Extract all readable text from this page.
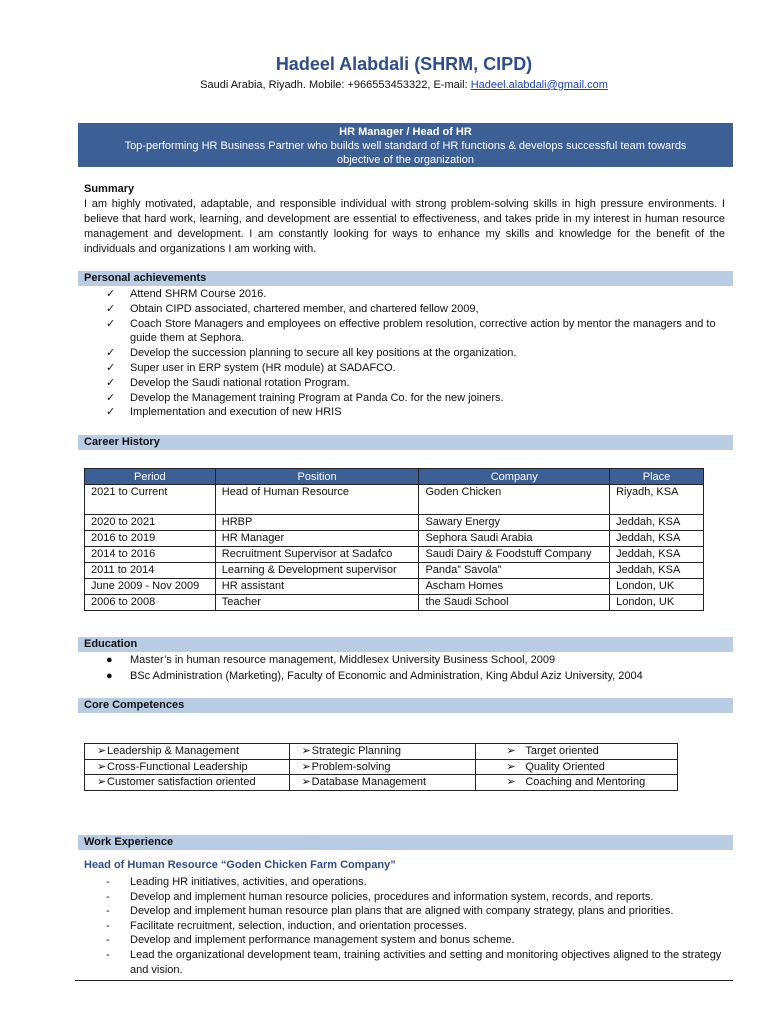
Hadeel Alabdali (SHRM, CIPD)
Saudi Arabia, Riyadh. Mobile: +966553453322, E-mail: Hadeel.alabdali@gmail.com
HR Manager / Head of HR
Top-performing HR Business Partner who builds well standard of HR functions & develops successful team towards
objective of the organization
Summary
I am highly motivated, adaptable, and responsible individual with strong problem-solving skills in high pressure environments. I believe that hard work, learning, and development are essential to effectiveness, and takes pride in my interest in human resource management and development. I am constantly looking for ways to enhance my skills and knowledge for the benefit of the individuals and organizations I am working with.
Personal achievements
✓ Attend SHRM Course 2016.
✓ Obtain CIPD associated, chartered member, and chartered fellow 2009,
✓ Coach Store Managers and employees on effective problem resolution, corrective action by mentor the managers and to guide them at Sephora.
✓ Develop the succession planning to secure all key positions at the organization.
✓ Super user in ERP system (HR module) at SADAFCO.
✓ Develop the Saudi national rotation Program.
✓ Develop the Management training Program at Panda Co. for the new joiners.
✓ Implementation and execution of new HRIS
Career History
Period	Position	Company	Place
2021 to Current	Head of Human Resource	Goden Chicken	Riyadh, KSA
2020 to 2021	HRBP	Sawary Energy	Jeddah, KSA
2016 to 2019	HR Manager	Sephora Saudi Arabia	Jeddah, KSA
2014 to 2016	Recruitment Supervisor at Sadafco	Saudi Dairy & Foodstuff Company	Jeddah, KSA
2011 to 2014	Learning & Development supervisor	Panda” Savola”	Jeddah, KSA
June 2009 - Nov 2009	HR assistant	Ascham Homes	London, UK
2006 to 2008	Teacher	the Saudi School	London, UK
Education
● Master’s in human resource management, Middlesex University Business School, 2009
● BSc Administration (Marketing), Faculty of Economic and Administration, King Abdul Aziz University, 2004
Core Competences
➢Leadership & Management	➢Strategic Planning	➢ Target oriented
➢Cross-Functional Leadership	➢Problem-solving	➢ Quality Oriented
➢Customer satisfaction oriented	➢Database Management	➢ Coaching and Mentoring
Work Experience
Head of Human Resource “Goden Chicken Farm Company”
- Leading HR initiatives, activities, and operations.
- Develop and implement human resource policies, procedures and information system, records, and reports.
- Develop and implement human resource plan plans that are aligned with company strategy, plans and priorities.
- Facilitate recruitment, selection, induction, and orientation processes.
- Develop and implement performance management system and bonus scheme.
- Lead the organizational development team, training activities and setting and monitoring objectives aligned to the strategy and vision.
